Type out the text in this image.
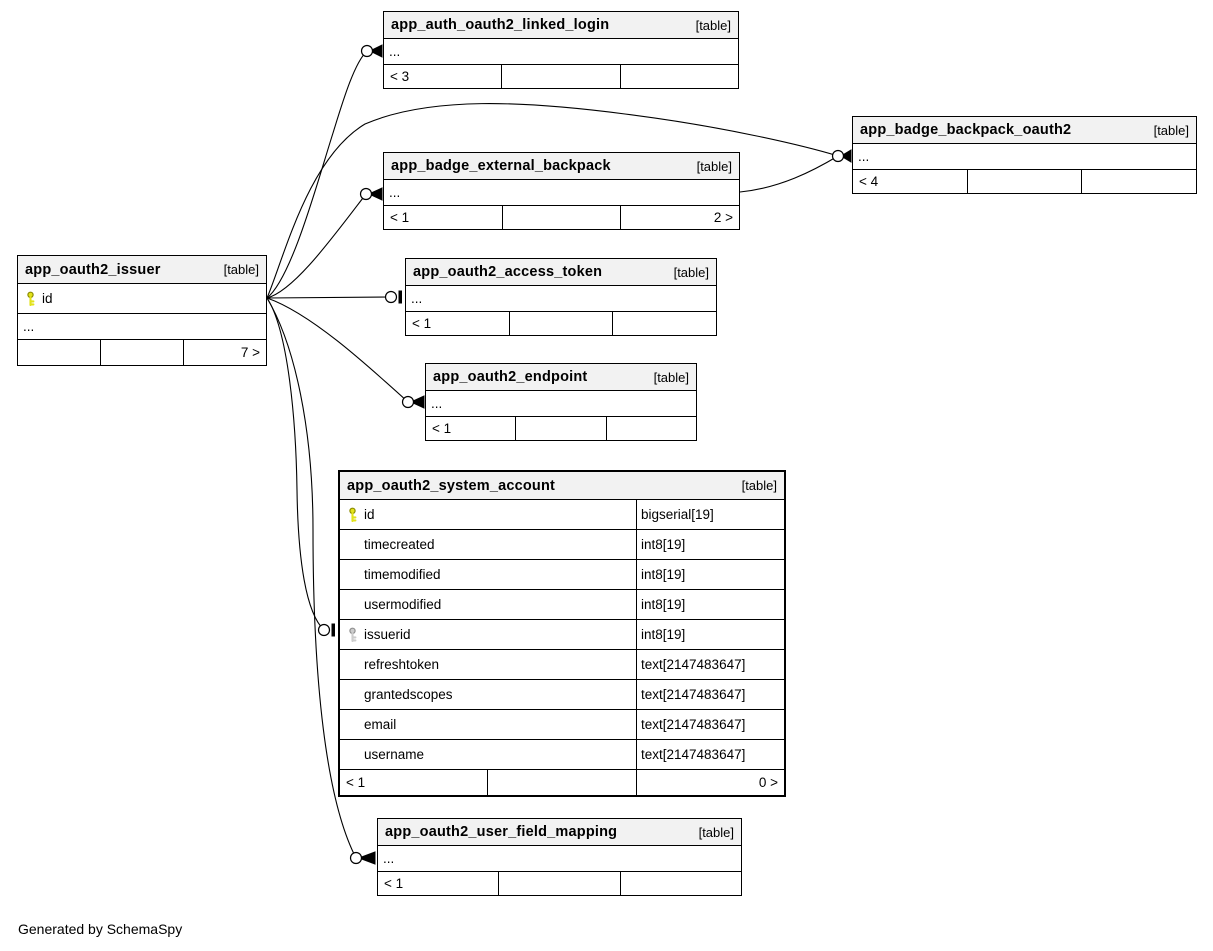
app_auth_oauth2_linked_login	[table]
...
< 3
app_badge_backpack_oauth2	[table]
...
< 4
app_badge_external_backpack	[table]
...
< 1	2 >
app_oauth2_issuer	[table]
id
...
7 >
app_oauth2_access_token	[table]
...
< 1
app_oauth2_endpoint	[table]
...
< 1
app_oauth2_system_account	[table]
id	bigserial[19]
timecreated	int8[19]
timemodified	int8[19]
usermodified	int8[19]
issuerid	int8[19]
refreshtoken	text[2147483647]
grantedscopes	text[2147483647]
email	text[2147483647]
username	text[2147483647]
< 1	0 >
app_oauth2_user_field_mapping	[table]
...
< 1
Generated by SchemaSpy
